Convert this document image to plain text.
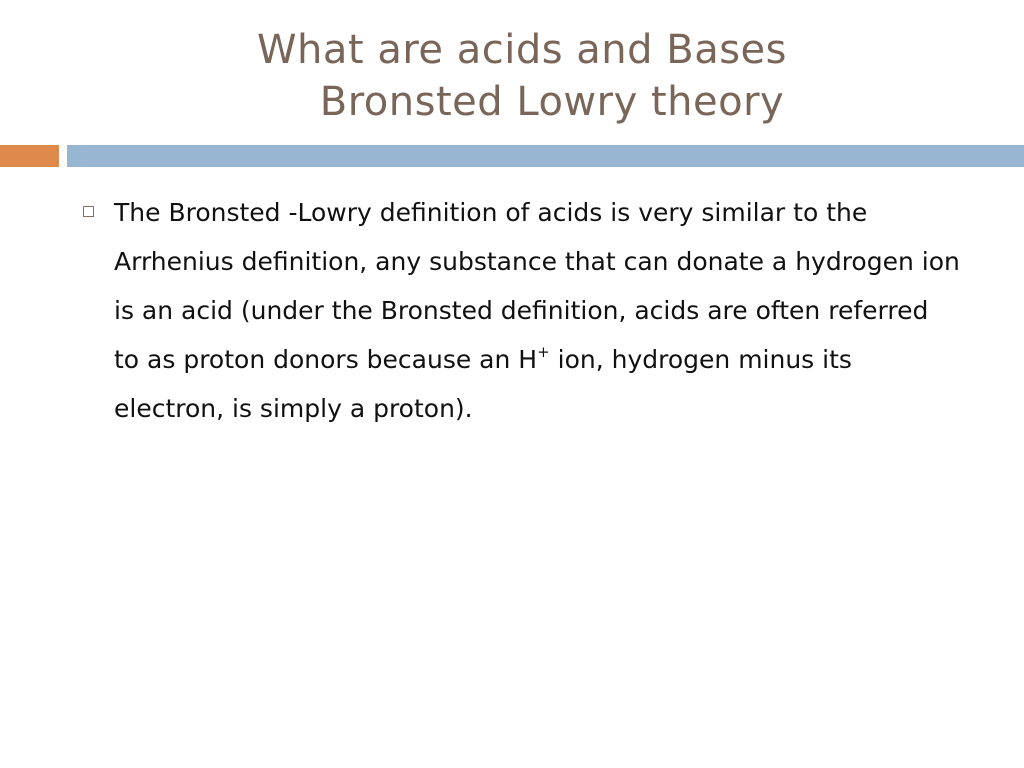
What are acids and Bases
Bronsted Lowry theory
The Bronsted -Lowry definition of acids is very similar to the Arrhenius definition, any substance that can donate a hydrogen ion is an acid (under the Bronsted definition, acids are often referred to as proton donors because an H+ ion, hydrogen minus its electron, is simply a proton).
